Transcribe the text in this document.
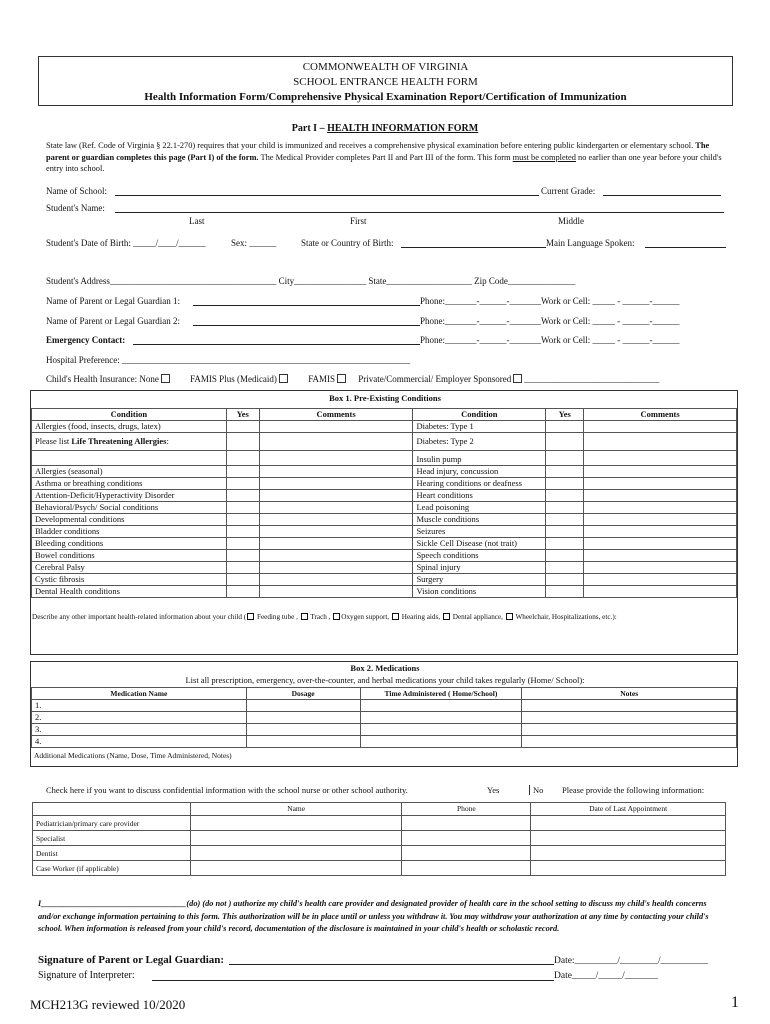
COMMONWEALTH OF VIRGINIA
SCHOOL ENTRANCE HEALTH FORM
Health Information Form/Comprehensive Physical Examination Report/Certification of Immunization
Part I – HEALTH INFORMATION FORM
State law (Ref. Code of Virginia § 22.1-270) requires that your child is immunized and receives a comprehensive physical examination before entering public kindergarten or elementary school. The parent or guardian completes this page (Part I) of the form. The Medical Provider completes Part II and Part III of the form. This form must be completed no earlier than one year before your child's entry into school.
Name of School:	Current Grade:
Student's Name:
Last	First	Middle
Student's Date of Birth: _____/____/______	Sex: ______	State or Country of Birth:	Main Language Spoken:
Student's Address_____________________________________ City________________ State___________________ Zip Code_______________
Name of Parent or Legal Guardian 1:	Phone:_______-______-_______Work or Cell: _____ - ______-______
Name of Parent or Legal Guardian 2:	Phone:_______-______-_______Work or Cell: _____ - ______-______
Emergency Contact:	Phone:_______-______-_______Work or Cell: _____ - ______-______
Hospital Preference: ________________________________________________________________
Child's Health Insurance: None	FAMIS Plus (Medicaid)	FAMIS	Private/Commercial/ Employer Sponsored ______________________________
Box 1. Pre-Existing Conditions
Condition	Yes	Comments	Condition	Yes	Comments
Allergies (food, insects, drugs, latex)			Diabetes: Type 1		
Please list Life Threatening Allergies:			Diabetes: Type 2		
			Insulin pump		
Allergies (seasonal)			Head injury, concussion		
Asthma or breathing conditions			Hearing conditions or deafness		
Attention-Deficit/Hyperactivity Disorder			Heart conditions		
Behavioral/Psych/ Social conditions			Lead poisoning		
Developmental conditions			Muscle conditions		
Bladder conditions			Seizures		
Bleeding conditions			Sickle Cell Disease (not trait)		
Bowel conditions			Speech conditions		
Cerebral Palsy			Spinal injury		
Cystic fibrosis			Surgery		
Dental Health conditions			Vision conditions		
Describe any other important health-related information about your child ( Feeding tube , Trach , Oxygen support, Hearing aids, Dental appliance, Wheelchair, Hospitalizations, etc.):
Box 2. Medications
List all prescription, emergency, over-the-counter, and herbal medications your child takes regularly (Home/ School):
Medication Name	Dosage	Time Administered ( Home/School)	Notes
1.			
2.			
3.			
4.			
Additional Medications (Name, Dose, Time Administered, Notes)
Check here if you want to discuss confidential information with the school nurse or other school authority.	Yes	No Please provide the following information:
	Name	Phone	Date of Last Appointment
Pediatrician/primary care provider			
Specialist			
Dentist			
Case Worker (if applicable)			
I___________________________________(do) (do not ) authorize my child's health care provider and designated provider of health care in the school setting to discuss my child's health concerns and/or exchange information pertaining to this form. This authorization will be in place until or unless you withdraw it. You may withdraw your authorization at any time by contacting your child's school. When information is released from your child's record, documentation of the disclosure is maintained in your child's health or scholastic record.
Signature of Parent or Legal Guardian:	Date:_________/________/__________
Signature of Interpreter:	Date_____/_____/_______
MCH213G reviewed 10/2020	1
